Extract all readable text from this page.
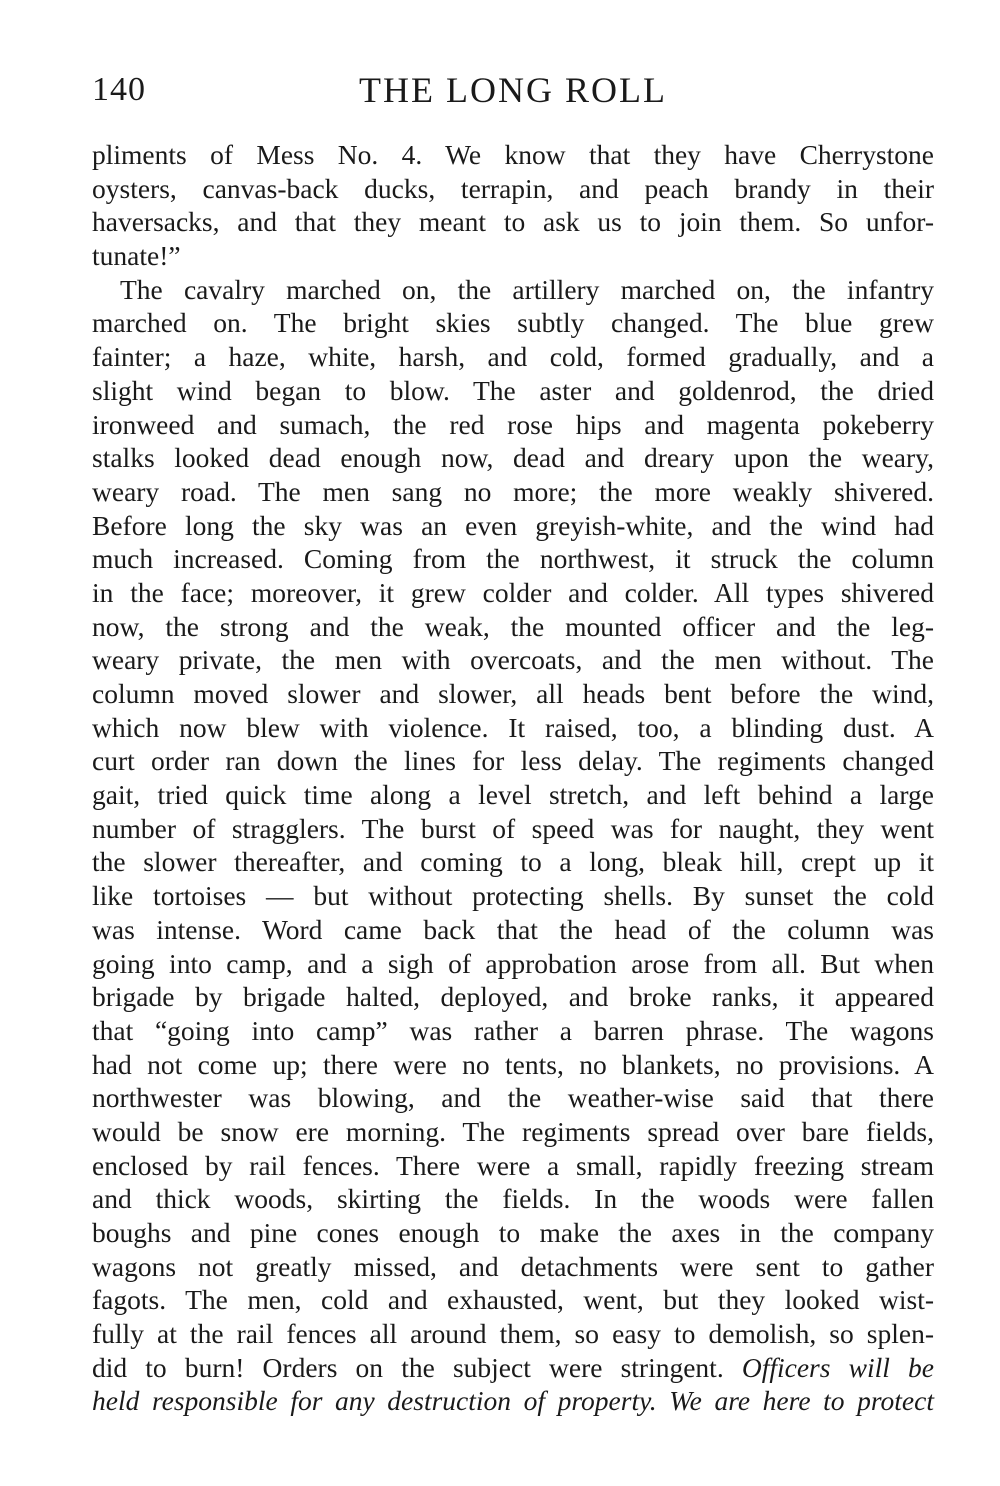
140	THE LONG ROLL
pliments of Mess No. 4. We know that they have Cherrystone
oysters, canvas-back ducks, terrapin, and peach brandy in their
haversacks, and that they meant to ask us to join them. So unfor-
tunate!”
The cavalry marched on, the artillery marched on, the infantry
marched on. The bright skies subtly changed. The blue grew
fainter; a haze, white, harsh, and cold, formed gradually, and a
slight wind began to blow. The aster and goldenrod, the dried
ironweed and sumach, the red rose hips and magenta pokeberry
stalks looked dead enough now, dead and dreary upon the weary,
weary road. The men sang no more; the more weakly shivered.
Before long the sky was an even greyish-white, and the wind had
much increased. Coming from the northwest, it struck the column
in the face; moreover, it grew colder and colder. All types shivered
now, the strong and the weak, the mounted officer and the leg-
weary private, the men with overcoats, and the men without. The
column moved slower and slower, all heads bent before the wind,
which now blew with violence. It raised, too, a blinding dust. A
curt order ran down the lines for less delay. The regiments changed
gait, tried quick time along a level stretch, and left behind a large
number of stragglers. The burst of speed was for naught, they went
the slower thereafter, and coming to a long, bleak hill, crept up it
like tortoises — but without protecting shells. By sunset the cold
was intense. Word came back that the head of the column was
going into camp, and a sigh of approbation arose from all. But when
brigade by brigade halted, deployed, and broke ranks, it appeared
that “going into camp” was rather a barren phrase. The wagons
had not come up; there were no tents, no blankets, no provisions. A
northwester was blowing, and the weather-wise said that there
would be snow ere morning. The regiments spread over bare fields,
enclosed by rail fences. There were a small, rapidly freezing stream
and thick woods, skirting the fields. In the woods were fallen
boughs and pine cones enough to make the axes in the company
wagons not greatly missed, and detachments were sent to gather
fagots. The men, cold and exhausted, went, but they looked wist-
fully at the rail fences all around them, so easy to demolish, so splen-
did to burn! Orders on the subject were stringent. Officers will be
held responsible for any destruction of property. We are here to protect
